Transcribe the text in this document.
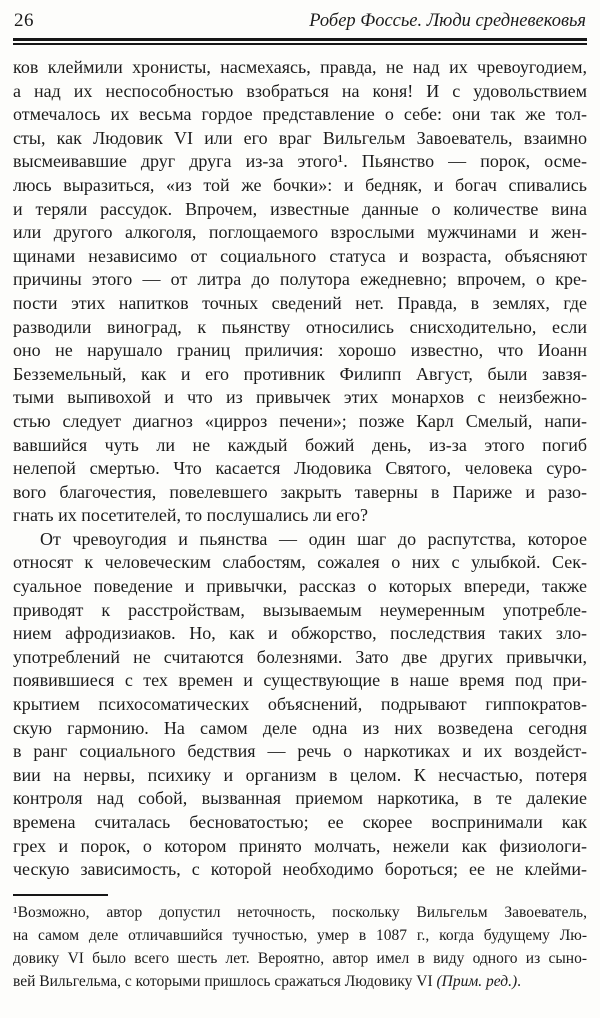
26	Робер Фоссье. Люди средневековья
ков клеймили хронисты, насмехаясь, правда, не над их чревоугодием,
а над их неспособностью взобраться на коня! И с удовольствием
отмечалось их весьма гордое представление о себе: они так же тол-
сты, как Людовик VI или его враг Вильгельм Завоеватель, взаимно
высмеивавшие друг друга из-за этого¹. Пьянство — порок, осме-
люсь выразиться, «из той же бочки»: и бедняк, и богач спивались
и теряли рассудок. Впрочем, известные данные о количестве вина
или другого алкоголя, поглощаемого взрослыми мужчинами и жен-
щинами независимо от социального статуса и возраста, объясняют
причины этого — от литра до полутора ежедневно; впрочем, о кре-
пости этих напитков точных сведений нет. Правда, в землях, где
разводили виноград, к пьянству относились снисходительно, если
оно не нарушало границ приличия: хорошо известно, что Иоанн
Безземельный, как и его противник Филипп Август, были завзя-
тыми выпивохой и что из привычек этих монархов с неизбежно-
стью следует диагноз «цирроз печени»; позже Карл Смелый, напи-
вавшийся чуть ли не каждый божий день, из-за этого погиб
нелепой смертью. Что касается Людовика Святого, человека суро-
вого благочестия, повелевшего закрыть таверны в Париже и разо-
гнать их посетителей, то послушались ли его?
От чревоугодия и пьянства — один шаг до распутства, которое
относят к человеческим слабостям, сожалея о них с улыбкой. Сек-
суальное поведение и привычки, рассказ о которых впереди, также
приводят к расстройствам, вызываемым неумеренным употребле-
нием афродизиаков. Но, как и обжорство, последствия таких зло-
употреблений не считаются болезнями. Зато две других привычки,
появившиеся с тех времен и существующие в наше время под при-
крытием психосоматических объяснений, подрывают гиппократов-
скую гармонию. На самом деле одна из них возведена сегодня
в ранг социального бедствия — речь о наркотиках и их воздейст-
вии на нервы, психику и организм в целом. К несчастью, потеря
контроля над собой, вызванная приемом наркотика, в те далекие
времена считалась бесноватостью; ее скорее воспринимали как
грех и порок, о котором принято молчать, нежели как физиологи-
ческую зависимость, с которой необходимо бороться; ее не клейми-
¹Возможно, автор допустил неточность, поскольку Вильгельм Завоеватель,
на самом деле отличавшийся тучностью, умер в 1087 г., когда будущему Лю-
довику VI было всего шесть лет. Вероятно, автор имел в виду одного из сыно-
вей Вильгельма, с которыми пришлось сражаться Людовику VI (Прим. ред.).
